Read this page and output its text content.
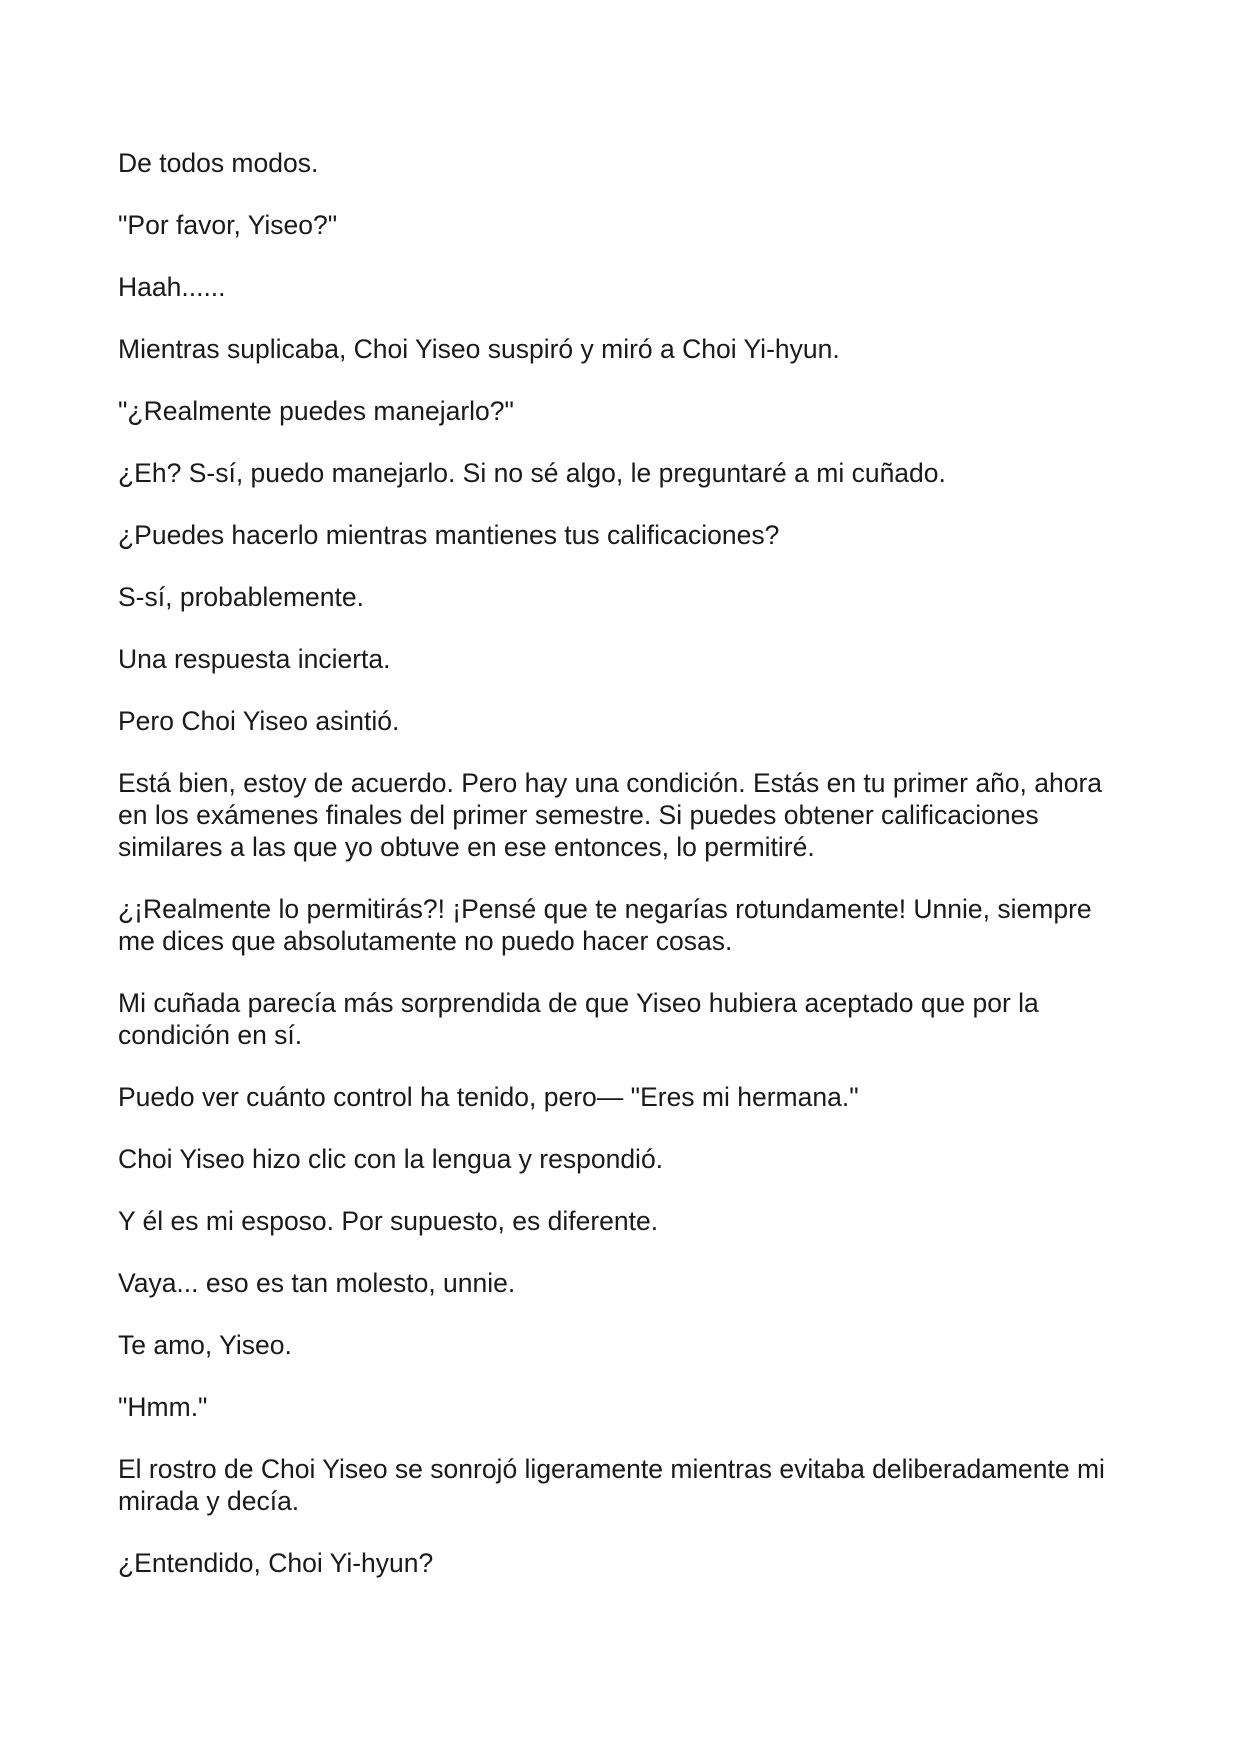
De todos modos.

"Por favor, Yiseo?"

Haah......

Mientras suplicaba, Choi Yiseo suspiró y miró a Choi Yi-hyun.

"¿Realmente puedes manejarlo?"

¿Eh? S-sí, puedo manejarlo. Si no sé algo, le preguntaré a mi cuñado.

¿Puedes hacerlo mientras mantienes tus calificaciones?

S-sí, probablemente.

Una respuesta incierta.

Pero Choi Yiseo asintió.

Está bien, estoy de acuerdo. Pero hay una condición. Estás en tu primer año, ahora en los exámenes finales del primer semestre. Si puedes obtener calificaciones similares a las que yo obtuve en ese entonces, lo permitiré.

¿¡Realmente lo permitirás?! ¡Pensé que te negarías rotundamente! Unnie, siempre me dices que absolutamente no puedo hacer cosas.

Mi cuñada parecía más sorprendida de que Yiseo hubiera aceptado que por la condición en sí.

Puedo ver cuánto control ha tenido, pero— "Eres mi hermana."

Choi Yiseo hizo clic con la lengua y respondió.

Y él es mi esposo. Por supuesto, es diferente.

Vaya... eso es tan molesto, unnie.

Te amo, Yiseo.

"Hmm."

El rostro de Choi Yiseo se sonrojó ligeramente mientras evitaba deliberadamente mi mirada y decía.

¿Entendido, Choi Yi-hyun?
